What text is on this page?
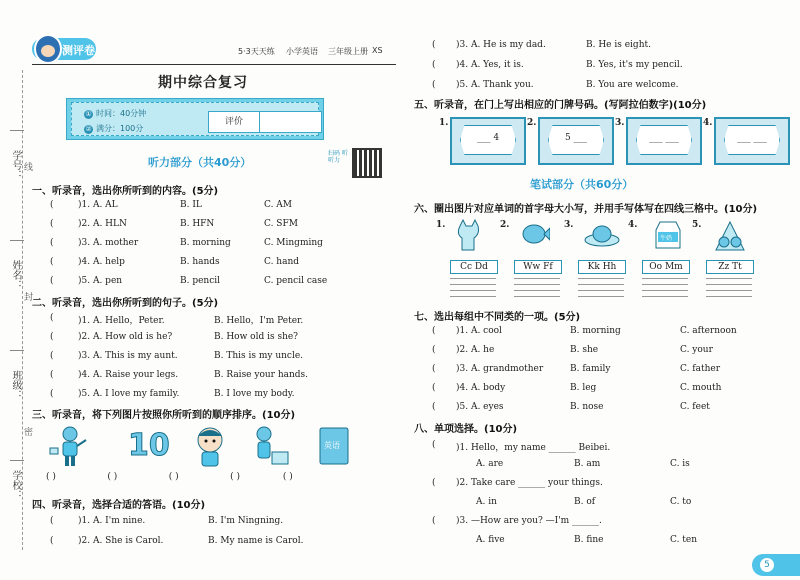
学号：
姓名：
班级：
学校：
线
封
密
测评卷	5·3天天练 小学英语 三年级上册 XS
期中综合复习
① 时间：40分钟
② 满分：100分
评价
扫码 听听力
听力部分（共40分）
一、听录音，选出你所听到的内容。(5分)
(	)1. A. AL	B. IL	C. AM
(	)2. A. HLN	B. HFN	C. SFM
(	)3. A. mother	B. morning	C. Mingming
(	)4. A. help	B. hands	C. hand
(	)5. A. pen	B. pencil	C. pencil case
二、听录音，选出你所听到的句子。(5分)
(	)1. A. Hello，Peter.	B. Hello，I'm Peter.
(	)2. A. How old is he?	B. How old is she?
(	)3. A. This is my aunt.	B. This is my uncle.
(	)4. A. Raise your legs.	B. Raise your hands.
(	)5. A. I love my family.	B. I love my body.
三、听录音，将下列图片按照你所听到的顺序排序。(10分)
10	英语
( )                  ( )                  ( )                  ( )               ( )
四、听录音，选择合适的答语。(10分)
(	)1. A. I'm nine.	B. I'm Ningning.
(	)2. A. She is Carol.	B. My name is Carol.
( )3. A. He is my dad.	B. He is eight.
( )4. A. Yes, it is.	B. Yes, it's my pencil.
( )5. A. Thank you.	B. You are welcome.
五、听录音，在门上写出相应的门牌号码。(写阿拉伯数字)(10分)
1.
___ 4
2.
5 ___
3.
___ ___
4.
___ ___
笔试部分（共60分）
六、圈出图片对应单词的首字母大小写，并用手写体写在四线三格中。(10分)
牛奶
1.
Cc Dd
2.
Ww Ff
3.
Kk Hh
4.
Oo Mm
5.
Zz Tt
七、选出每组中不同类的一项。(5分)
( )1. A. cool	B. morning	C. afternoon
( )2. A. he	B. she	C. your
( )3. A. grandmother	B. family	C. father
( )4. A. body	B. leg	C. mouth
( )5. A. eyes	B. nose	C. feet
八、单项选择。(10分)
( )1. Hello，my name ______ Beibei.
A. are	B. am	C. is
( )2. Take care ______ your things.
A. in	B. of	C. to
( )3. —How are you? —I'm ______.
A. five	B. fine	C. ten
5
